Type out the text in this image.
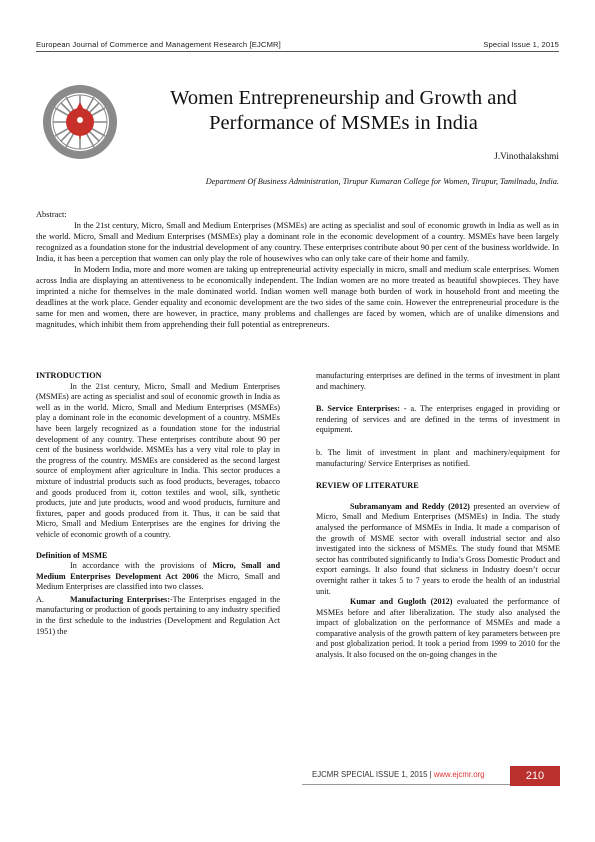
European Journal of Commerce and Management Research [EJCMR]	Special Issue 1, 2015
Women Entrepreneurship and Growth and Performance of MSMEs in India
J.Vinothalakshmi
Department Of Business Administration, Tirupur Kumaran College for Women, Tirupur, Tamilnadu, India.
Abstract:

In the 21st century, Micro, Small and Medium Enterprises (MSMEs) are acting as specialist and soul of economic growth in India as well as in the world. Micro, Small and Medium Enterprises (MSMEs) play a dominant role in the economic development of a country. MSMEs have been largely recognized as a foundation stone for the industrial development of any country. These enterprises contribute about 90 per cent of the business worldwide. In India, it has been a perception that women can only play the role of housewives who can only take care of their home and family.

In Modern India, more and more women are taking up entrepreneurial activity especially in micro, small and medium scale enterprises. Women across India are displaying an attentiveness to be economically independent. The Indian women are no more treated as beautiful showpieces. They have imprinted a niche for themselves in the male dominated world. Indian women well manage both burden of work in household front and meeting the deadlines at the work place. Gender equality and economic development are the two sides of the same coin. However the entrepreneurial procedure is the same for men and women, there are however, in practice, many problems and challenges are faced by women, which are of unalike dimensions and magnitudes, which inhibit them from apprehending their full potential as entrepreneurs.

INTRODUCTION

In the 21st century, Micro, Small and Medium Enterprises (MSMEs) are acting as specialist and soul of economic growth in India as well as in the world. Micro, Small and Medium Enterprises (MSMEs) play a dominant role in the economic development of a country. MSMEs have been largely recognized as a foundation stone for the industrial development of any country. These enterprises contribute about 90 per cent of the business worldwide. MSMEs has a very vital role to play in the progress of the country. MSMEs are considered as the second largest source of employment after agriculture in India. This sector produces a mixture of industrial products such as food products, beverages, tobacco and goods produced from it, cotton textiles and wool, silk, synthetic products, jute and jute products, wood and wood products, furniture and fixtures, paper and goods produced from it. Thus, it can be said that Micro, Small and Medium Enterprises are the engines for driving the vehicle of economic growth of a country.

Definition of MSME

In accordance with the provisions of Micro, Small and Medium Enterprises Development Act 2006 the Micro, Small and Medium Enterprises are classified into two classes.

A.	Manufacturing Enterprises:-The Enterprises engaged in the manufacturing or production of goods pertaining to any industry specified in the first schedule to the industries (Development and Regulation Act 1951) the

manufacturing enterprises are defined in the terms of investment in plant and machinery.

B. Service Enterprises: - a. The enterprises engaged in providing or rendering of services and are defined in the terms of investment in equipment.

b. The limit of investment in plant and machinery/equipment for manufacturing/ Service Enterprises as notified.

REVIEW OF LITERATURE

Subramanyam and Reddy (2012) presented an overview of Micro, Small and Medium Enterprises (MSMEs) in India. The study analysed the performance of MSMEs in India. It made a comparison of the growth of MSME sector with overall industrial sector and also investigated into the sickness of MSMEs. The study found that MSME sector has contributed significantly to India’s Gross Domestic Product and export earnings. It also found that sickness in Industry doesn’t occur overnight rather it takes 5 to 7 years to erode the health of an industrial unit.

Kumar and Gugloth (2012) evaluated the performance of MSMEs before and after liberalization. The study also analysed the impact of globalization on the performance of MSMEs and made a comparative analysis of the growth pattern of key parameters between pre and post globalization period. It took a period from 1999 to 2010 for the analysis. It also focused on the on-going changes in the

EJCMR SPECIAL ISSUE 1, 2015 | www.ejcmr.org	210
